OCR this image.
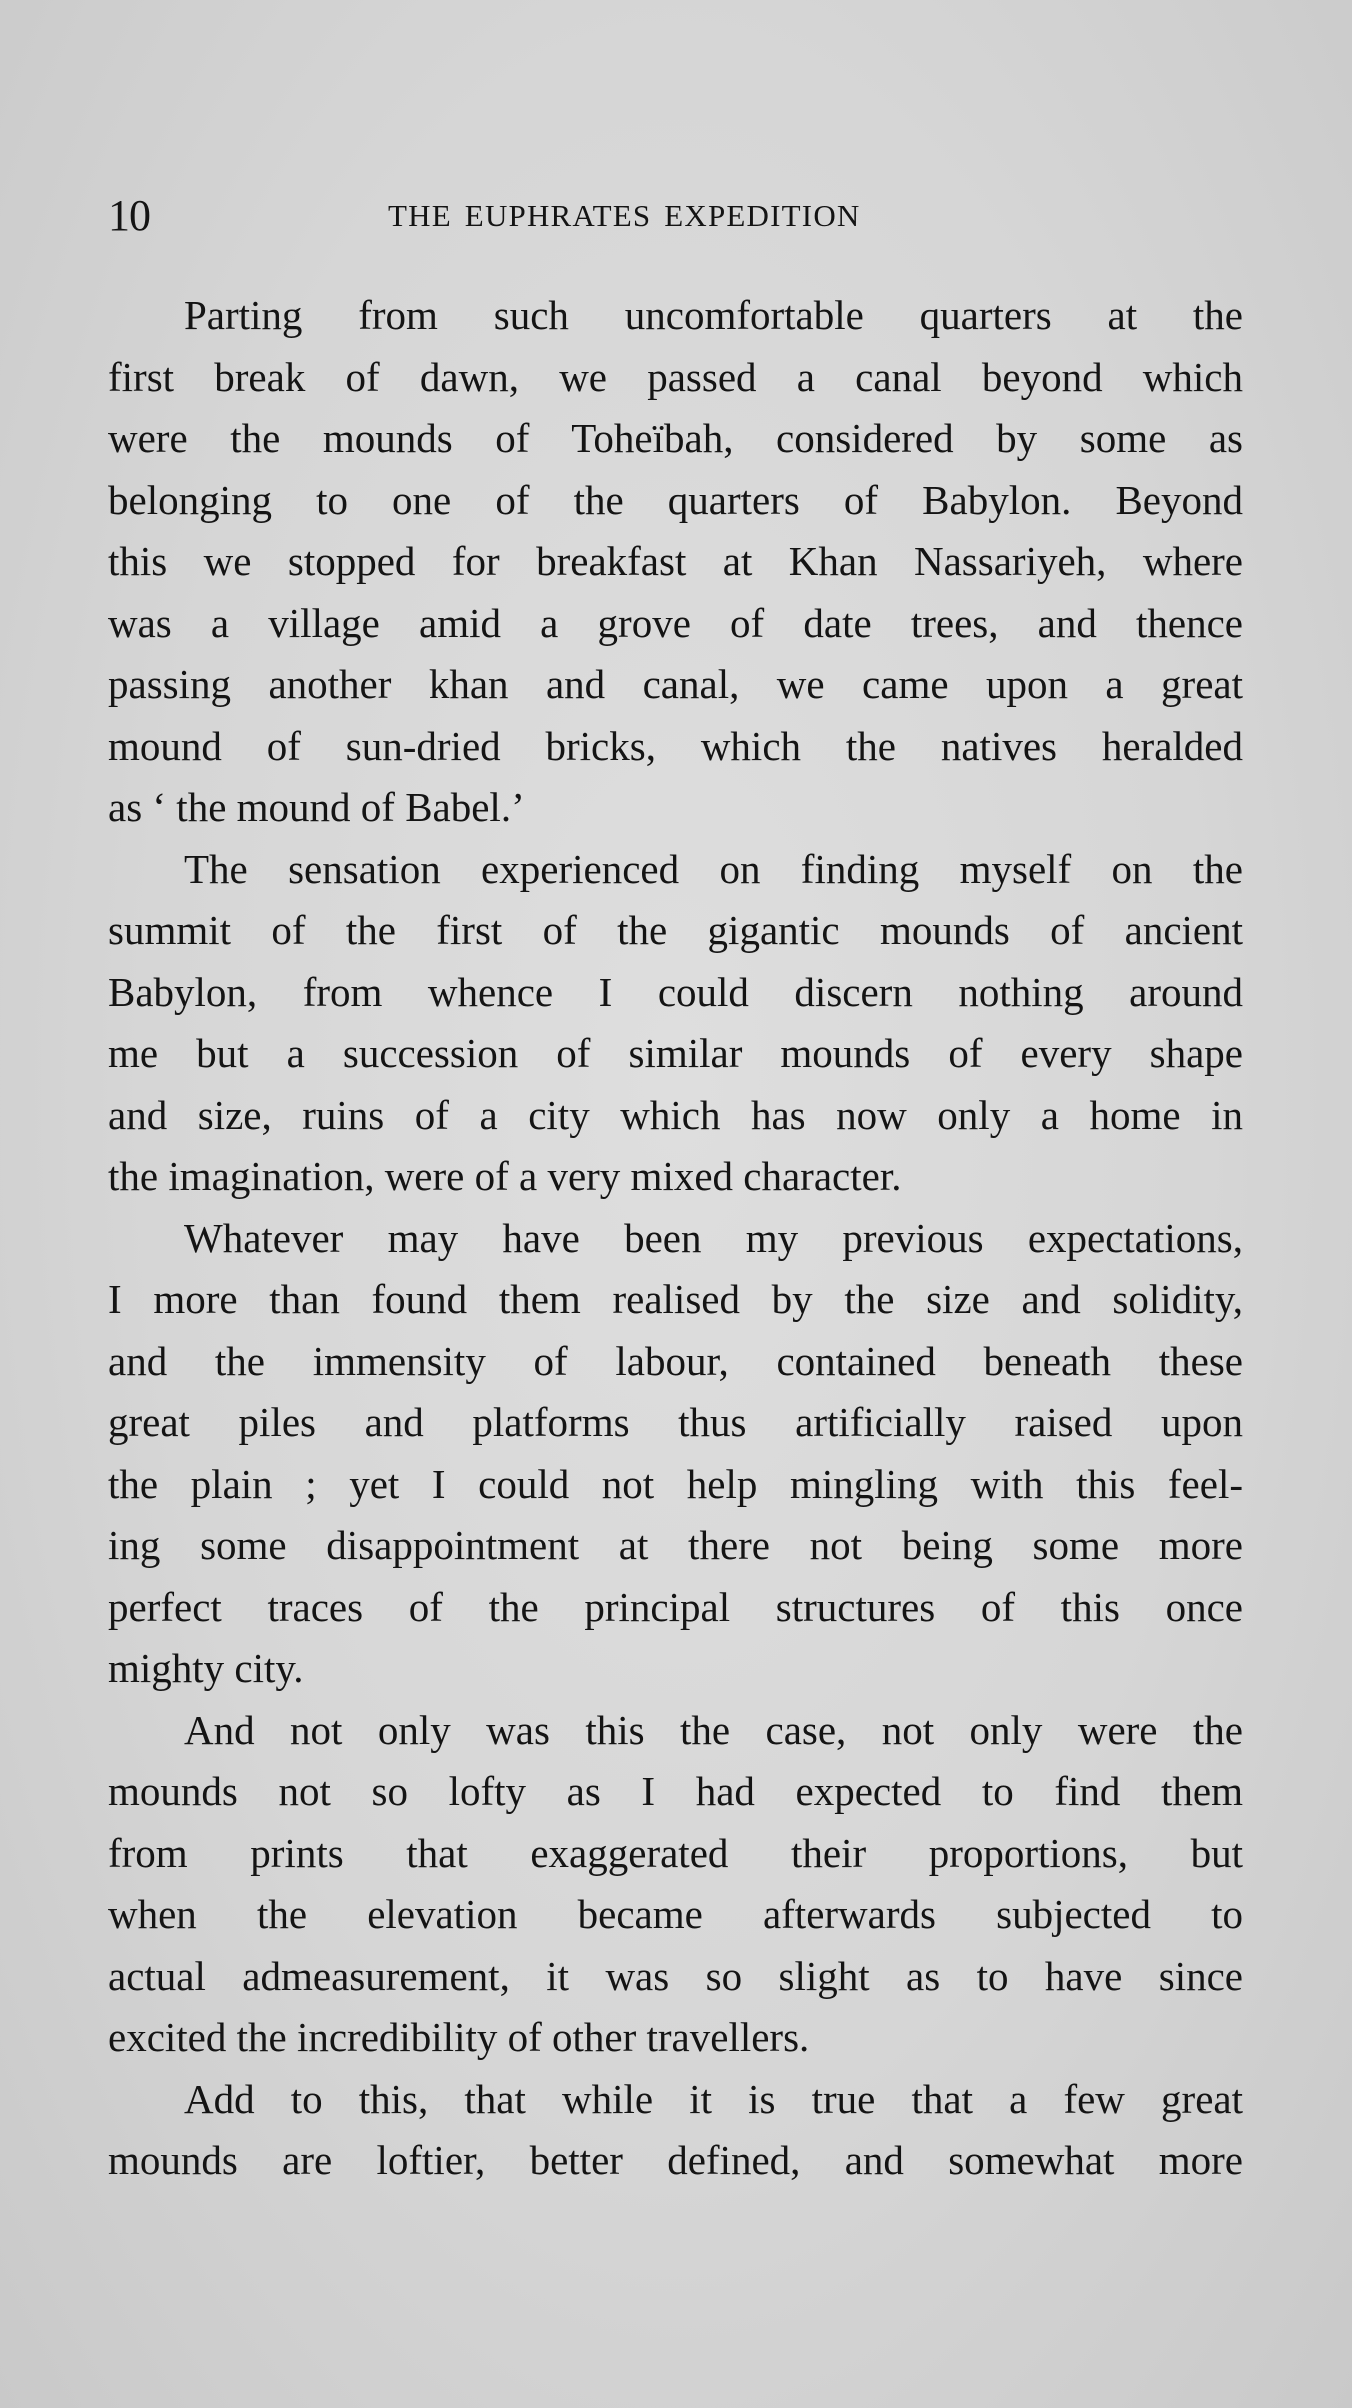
10	THE EUPHRATES EXPEDITION
Parting from such uncomfortable quarters at the
first break of dawn, we passed a canal beyond which
were the mounds of Toheïbah, considered by some as
belonging to one of the quarters of Babylon. Beyond
this we stopped for breakfast at Khan Nassariyeh, where
was a village amid a grove of date trees, and thence
passing another khan and canal, we came upon a great
mound of sun-dried bricks, which the natives heralded
as ‘ the mound of Babel.’
The sensation experienced on finding myself on the
summit of the first of the gigantic mounds of ancient
Babylon, from whence I could discern nothing around
me but a succession of similar mounds of every shape
and size, ruins of a city which has now only a home in
the imagination, were of a very mixed character.
Whatever may have been my previous expectations,
I more than found them realised by the size and solidity,
and the immensity of labour, contained beneath these
great piles and platforms thus artificially raised upon
the plain ; yet I could not help mingling with this feel-
ing some disappointment at there not being some more
perfect traces of the principal structures of this once
mighty city.
And not only was this the case, not only were the
mounds not so lofty as I had expected to find them
from prints that exaggerated their proportions, but
when the elevation became afterwards subjected to
actual admeasurement, it was so slight as to have since
excited the incredibility of other travellers.
Add to this, that while it is true that a few great
mounds are loftier, better defined, and somewhat more
